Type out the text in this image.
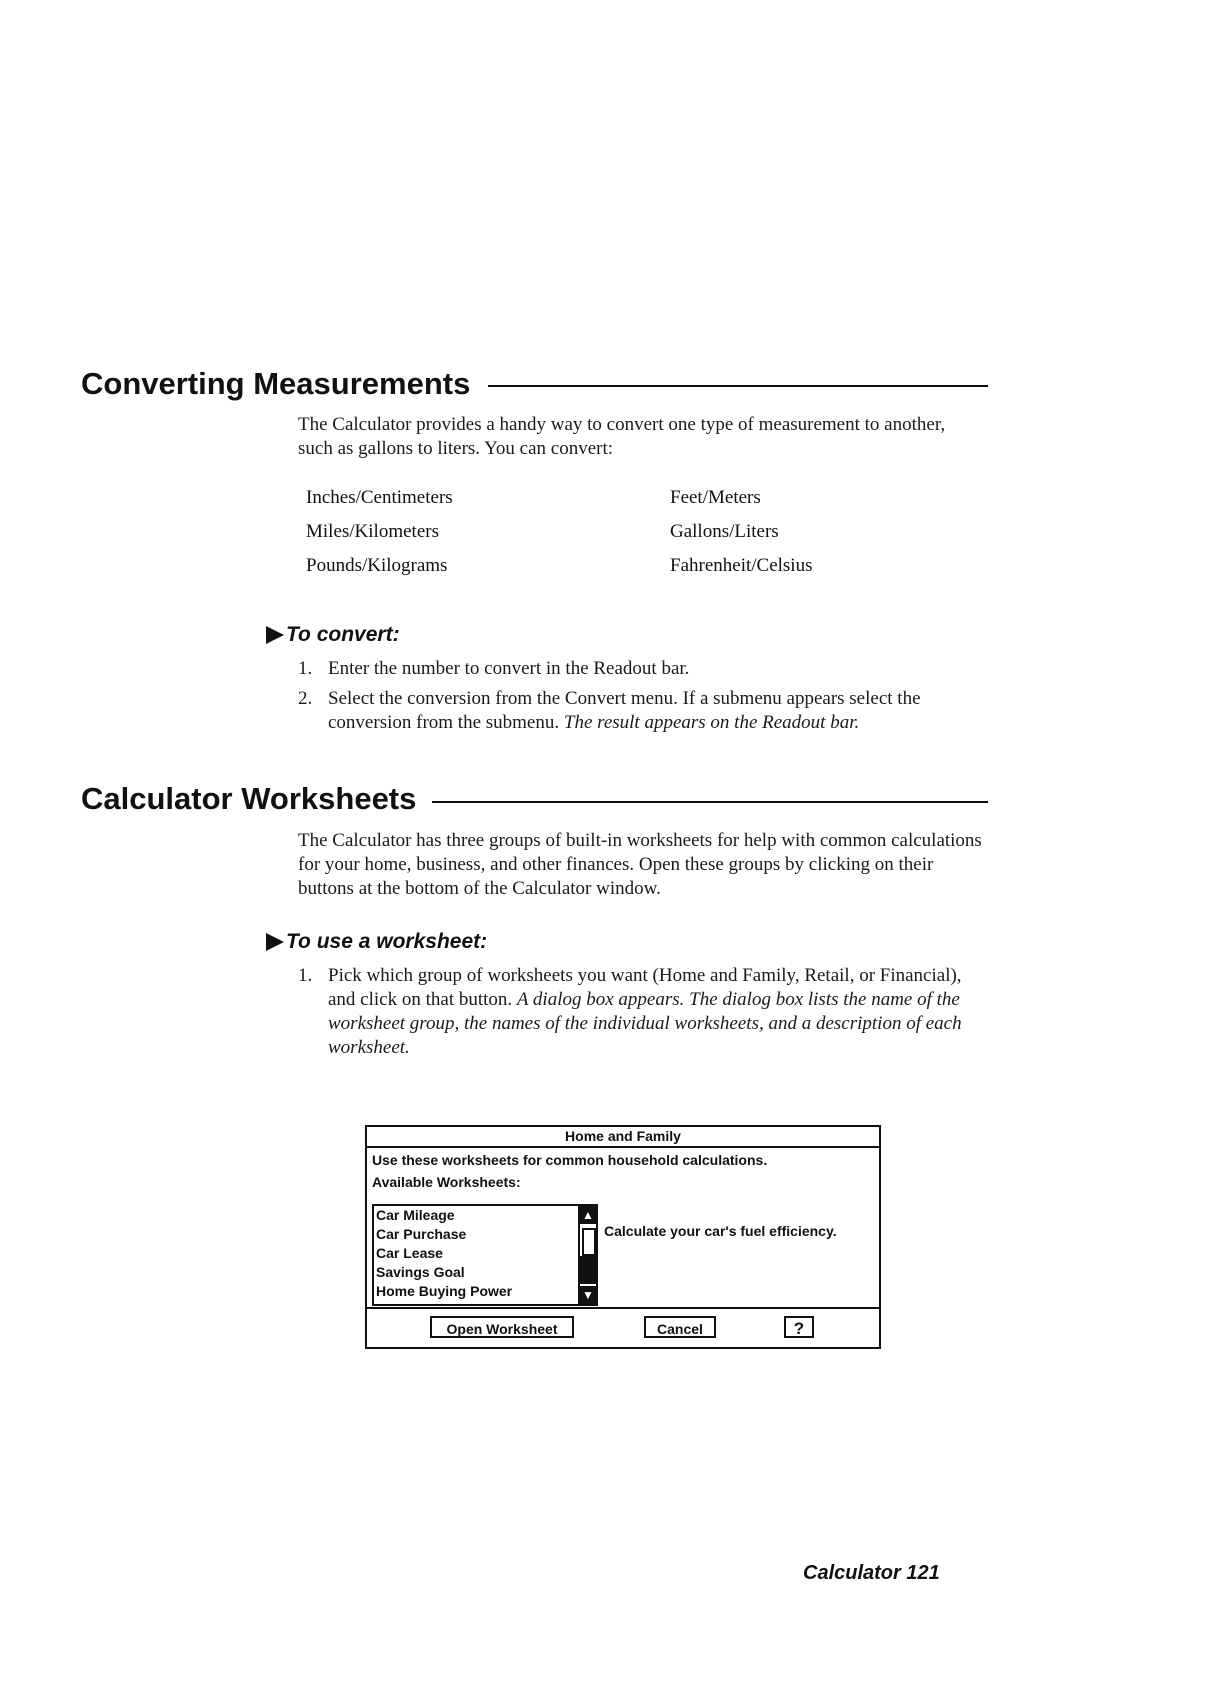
Converting Measurements
The Calculator provides a handy way to convert one type of measurement to another, such as gallons to liters. You can convert:
Inches/Centimeters
Miles/Kilometers
Pounds/Kilograms
Feet/Meters
Gallons/Liters
Fahrenheit/Celsius
To convert:
1. Enter the number to convert in the Readout bar.
2. Select the conversion from the Convert menu. If a submenu appears select the conversion from the submenu. The result appears on the Readout bar.
Calculator Worksheets
The Calculator has three groups of built-in worksheets for help with common calculations for your home, business, and other finances. Open these groups by clicking on their buttons at the bottom of the Calculator window.
To use a worksheet:
1. Pick which group of worksheets you want (Home and Family, Retail, or Financial), and click on that button. A dialog box appears. The dialog box lists the name of the worksheet group, the names of the individual worksheets, and a description of each worksheet.
Home and Family
Use these worksheets for common household calculations.
Available Worksheets:
Car Mileage
Car Purchase
Car Lease
Savings Goal
Home Buying Power
▲
▼
Calculate your car's fuel efficiency.
Open Worksheet	Cancel	?
Calculator 121
